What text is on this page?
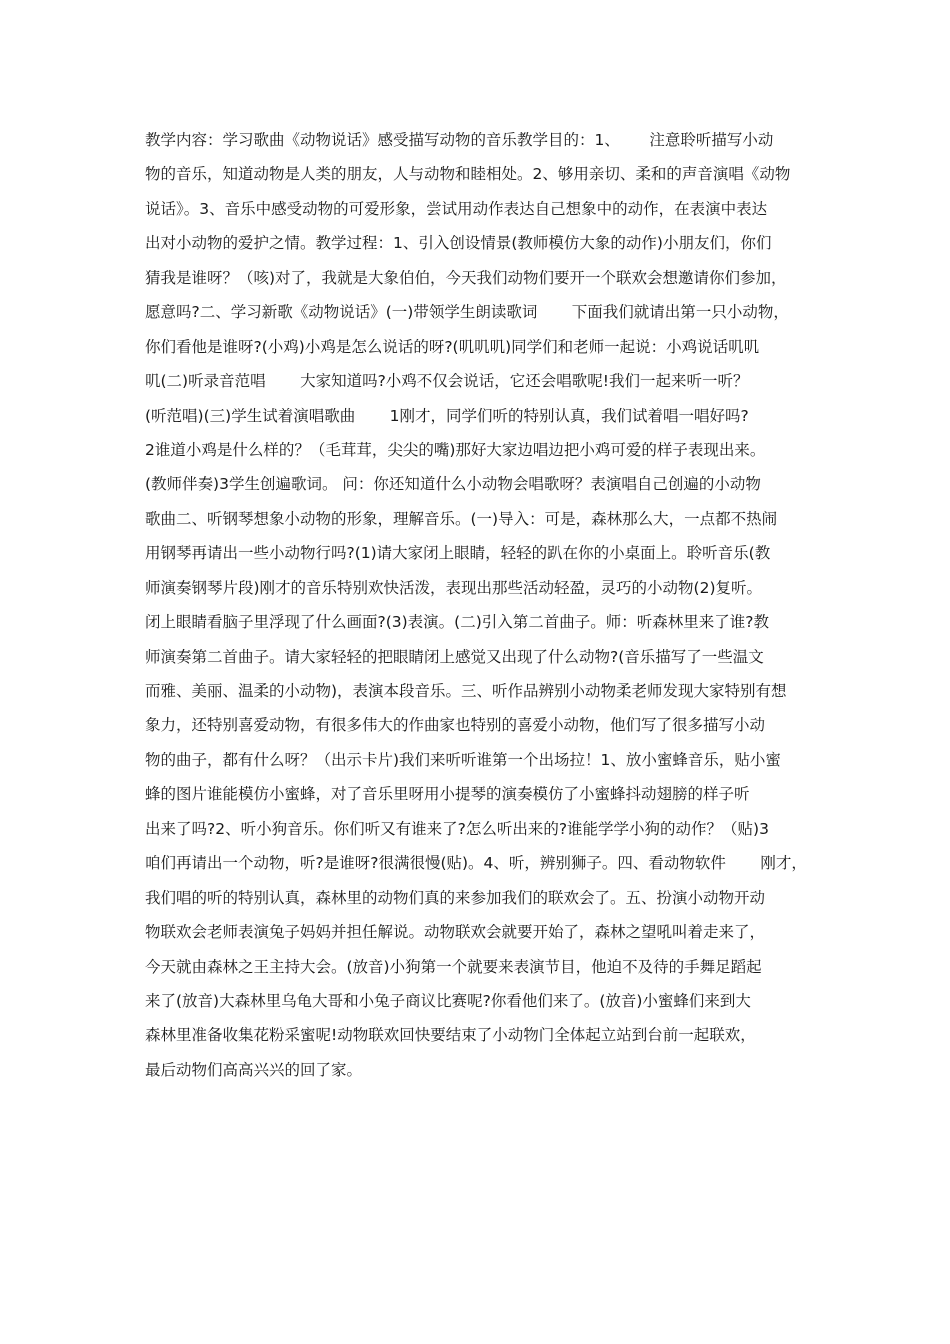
教学内容：学习歌曲《动物说话》感受描写动物的音乐教学目的：1、      注意聆听描写小动
物的音乐，知道动物是人类的朋友，人与动物和睦相处。2、够用亲切、柔和的声音演唱《动物
说话》。3、音乐中感受动物的可爱形象，尝试用动作表达自己想象中的动作，在表演中表达
出对小动物的爱护之情。教学过程：1、引入创设情景(教师模仿大象的动作)小朋友们，你们
猜我是谁呀？（咳)对了，我就是大象伯伯，今天我们动物们要开一个联欢会想邀请你们参加，
愿意吗?二、学习新歌《动物说话》(一)带领学生朗读歌词       下面我们就请出第一只小动物，
你们看他是谁呀?(小鸡)小鸡是怎么说话的呀?(叽叽叽)同学们和老师一起说：小鸡说话叽叽
叽(二)听录音范唱       大家知道吗?小鸡不仅会说话，它还会唱歌呢!我们一起来听一听？
(听范唱)(三)学生试着演唱歌曲       1刚才，同学们听的特别认真，我们试着唱一唱好吗?
2谁道小鸡是什么样的？（毛茸茸，尖尖的嘴)那好大家边唱边把小鸡可爱的样子表现出来。
(教师伴奏)3学生创遍歌词。 问：你还知道什么小动物会唱歌呀？表演唱自己创遍的小动物
歌曲二、听钢琴想象小动物的形象，理解音乐。(一)导入：可是，森林那么大，一点都不热闹
用钢琴再请出一些小动物行吗?(1)请大家闭上眼睛，轻轻的趴在你的小桌面上。聆听音乐(教
师演奏钢琴片段)刚才的音乐特别欢快活泼，表现出那些活动轻盈，灵巧的小动物(2)复听。
闭上眼睛看脑子里浮现了什么画面?(3)表演。(二)引入第二首曲子。师：听森林里来了谁?教
师演奏第二首曲子。请大家轻轻的把眼睛闭上感觉又出现了什么动物?(音乐描写了一些温文
而雅、美丽、温柔的小动物)，表演本段音乐。三、听作品辨别小动物柔老师发现大家特别有想
象力，还特别喜爱动物，有很多伟大的作曲家也特别的喜爱小动物，他们写了很多描写小动
物的曲子，都有什么呀？（出示卡片)我们来听听谁第一个出场拉！1、放小蜜蜂音乐，贴小蜜
蜂的图片谁能模仿小蜜蜂，对了音乐里呀用小提琴的演奏模仿了小蜜蜂抖动翅膀的样子听
出来了吗?2、听小狗音乐。你们听又有谁来了?怎么听出来的?谁能学学小狗的动作？（贴)3
咱们再请出一个动物，听?是谁呀?很满很慢(贴)。4、听，辨别狮子。四、看动物软件       刚才，
我们唱的听的特别认真，森林里的动物们真的来参加我们的联欢会了。五、扮演小动物开动
物联欢会老师表演兔子妈妈并担任解说。动物联欢会就要开始了，森林之望吼叫着走来了，
今天就由森林之王主持大会。(放音)小狗第一个就要来表演节目，他迫不及待的手舞足蹈起
来了(放音)大森林里乌龟大哥和小兔子商议比赛呢?你看他们来了。(放音)小蜜蜂们来到大
森林里准备收集花粉采蜜呢!动物联欢回快要结束了小动物门全体起立站到台前一起联欢，
最后动物们高高兴兴的回了家。
